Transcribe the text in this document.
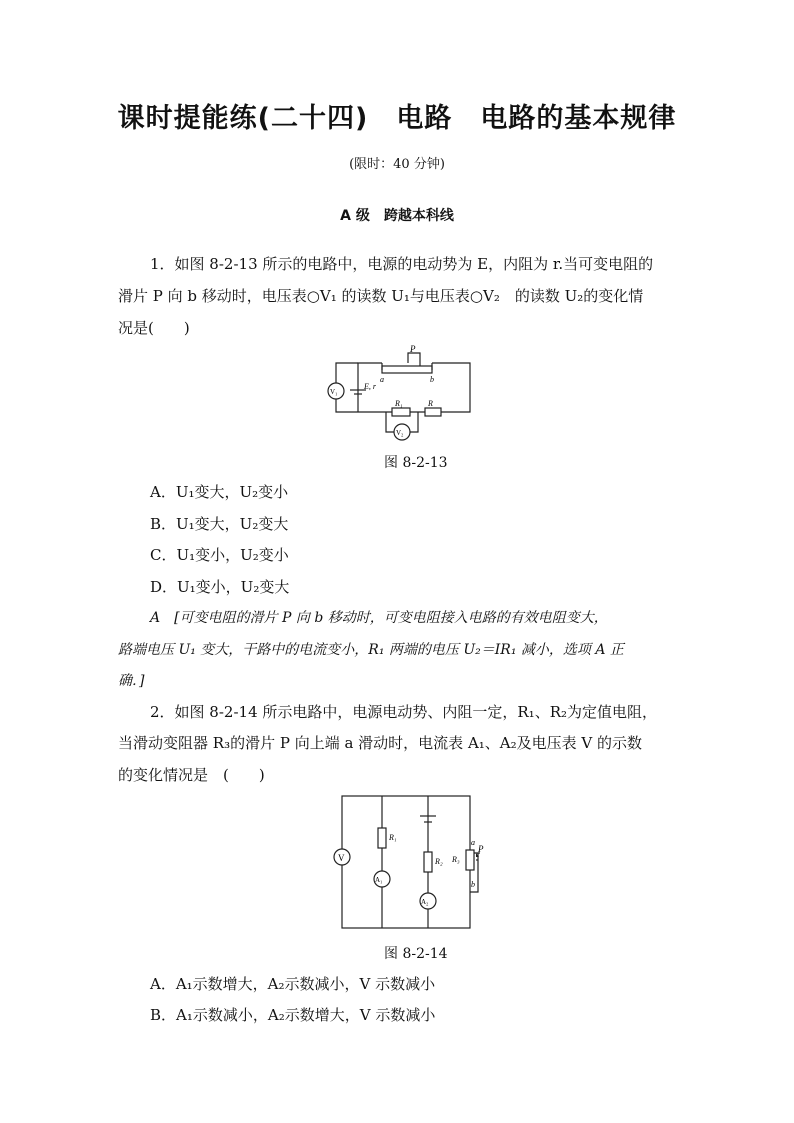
课时提能练(二十四)　电路　电路的基本规律
(限时：40 分钟)
A 级　跨越本科线
1．如图 8-2-13 所示的电路中，电源的电动势为 E，内阻为 r.当可变电阻的
滑片 P 向 b 移动时，电压表○V₁ 的读数 U₁与电压表○V₂　的读数 U₂的变化情
况是(　　)
P
a	b
V₁
E, r
R₁	R
V₂
图 8-2-13
A．U₁变大，U₂变小
B．U₁变大，U₂变大
C．U₁变小，U₂变小
D．U₁变小，U₂变大
A　[可变电阻的滑片 P 向 b 移动时，可变电阻接入电路的有效电阻变大，
路端电压 U₁ 变大，干路中的电流变小，R₁ 两端的电压 U₂＝IR₁ 减小，选项 A 正
确．]
2．如图 8-2-14 所示电路中，电源电动势、内阻一定，R₁、R₂为定值电阻，
当滑动变阻器 R₃的滑片 P 向上端 a 滑动时，电流表 A₁、A₂及电压表 V 的示数
的变化情况是　(　　)
V
R₁
A₁
R₂
A₂
R₃
a
b
P
图 8-2-14
A．A₁示数增大，A₂示数减小，V 示数减小
B．A₁示数减小，A₂示数增大，V 示数减小
